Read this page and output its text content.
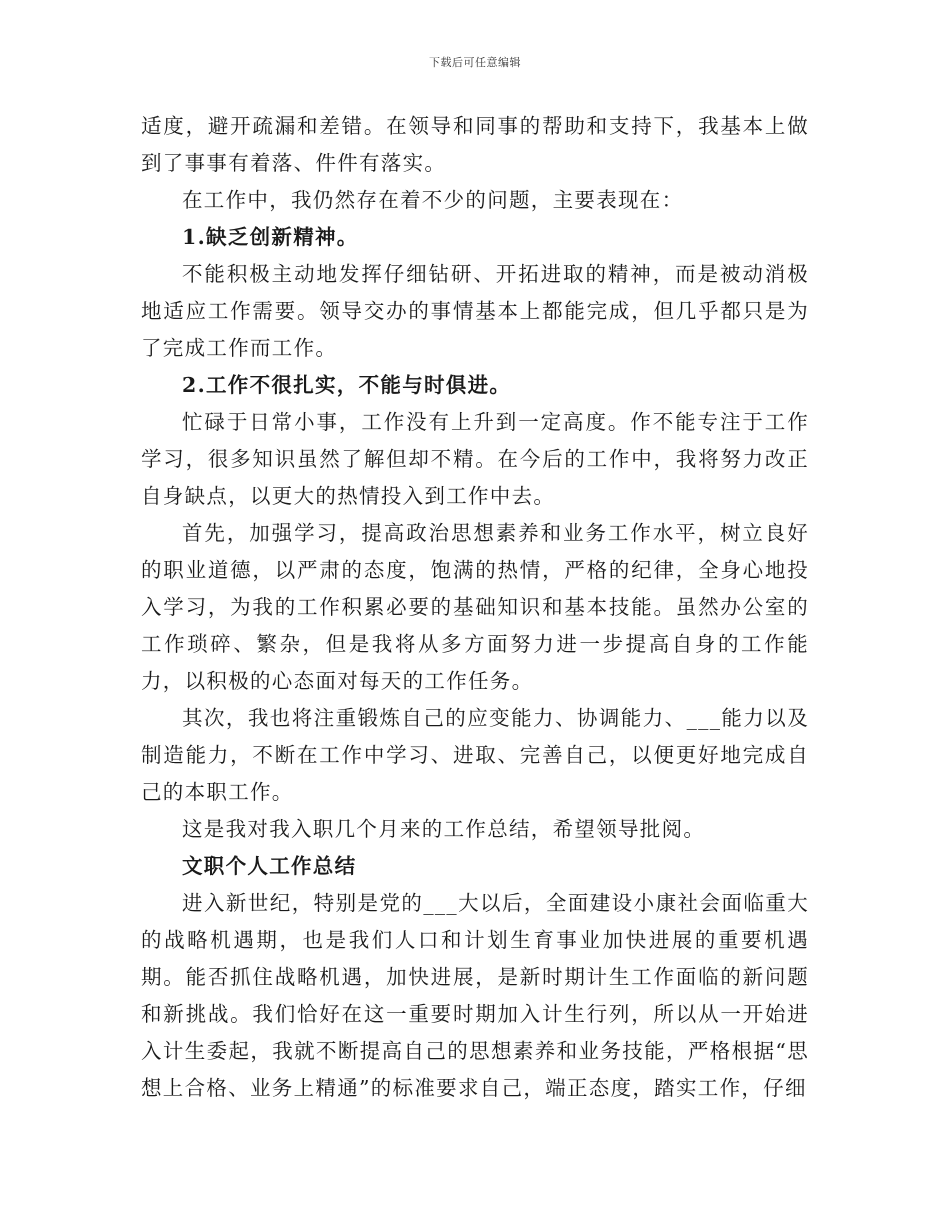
下载后可任意编辑

适度，避开疏漏和差错。在领导和同事的帮助和支持下，我基本上做到了事事有着落、件件有落实。

在工作中，我仍然存在着不少的问题，主要表现在：

1.缺乏创新精神。

不能积极主动地发挥仔细钻研、开拓进取的精神，而是被动消极地适应工作需要。领导交办的事情基本上都能完成，但几乎都只是为了完成工作而工作。

2.工作不很扎实，不能与时俱进。

忙碌于日常小事，工作没有上升到一定高度。作不能专注于工作学习，很多知识虽然了解但却不精。在今后的工作中，我将努力改正自身缺点，以更大的热情投入到工作中去。

首先，加强学习，提高政治思想素养和业务工作水平，树立良好的职业道德，以严肃的态度，饱满的热情，严格的纪律，全身心地投入学习，为我的工作积累必要的基础知识和基本技能。虽然办公室的工作琐碎、繁杂，但是我将从多方面努力进一步提高自身的工作能力，以积极的心态面对每天的工作任务。

其次，我也将注重锻炼自己的应变能力、协调能力、___能力以及制造能力，不断在工作中学习、进取、完善自己，以便更好地完成自己的本职工作。

这是我对我入职几个月来的工作总结，希望领导批阅。

文职个人工作总结

进入新世纪，特别是党的___大以后，全面建设小康社会面临重大的战略机遇期，也是我们人口和计划生育事业加快进展的重要机遇期。能否抓住战略机遇，加快进展，是新时期计生工作面临的新问题和新挑战。我们恰好在这一重要时期加入计生行列，所以从一开始进入计生委起，我就不断提高自己的思想素养和业务技能，严格根据“思想上合格、业务上精通”的标准要求自己，端正态度，踏实工作，仔细
